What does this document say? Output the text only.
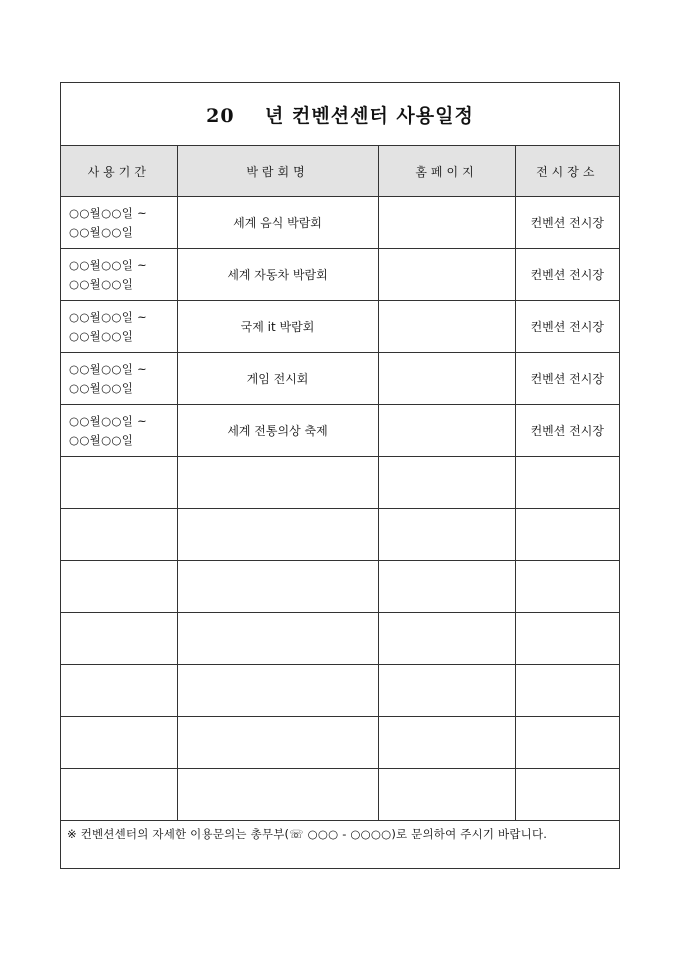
20    년 컨벤션센터 사용일정
사용기간	박람회명	홈페이지	전시장소

○○월○○일 ~
○○월○○일	세계 음식 박람회		컨벤션 전시장

○○월○○일 ~
○○월○○일	세계 자동차 박람회		컨벤션 전시장

○○월○○일 ~
○○월○○일	국제 it 박람회		컨벤션 전시장

○○월○○일 ~
○○월○○일	게임 전시회		컨벤션 전시장

○○월○○일 ~
○○월○○일	세계 전통의상 축제		컨벤션 전시장

※ 컨벤션센터의 자세한 이용문의는 총무부(☏ ○○○ - ○○○○)로 문의하여 주시기 바랍니다.
